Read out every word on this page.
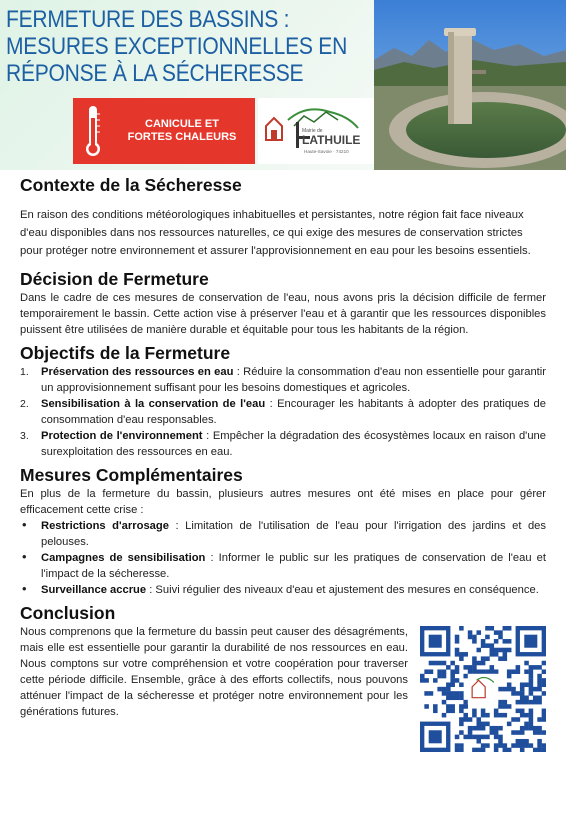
FERMETURE DES BASSINS :
MESURES EXCEPTIONNELLES EN
RÉPONSE À LA SÉCHERESSE
CANICULE ET
FORTES CHALEURS	Mairie de
LATHUILE
Haute-Savoie · 74210
Contexte de la Sécheresse

En raison des conditions météorologiques inhabituelles et persistantes, notre région fait face niveaux d'eau disponibles dans nos ressources naturelles, ce qui exige des mesures de conservation strictes pour protéger notre environnement et assurer l'approvisionnement en eau pour les besoins essentiels.

Décision de Fermeture

Dans le cadre de ces mesures de conservation de l'eau, nous avons pris la décision difficile de fermer temporairement le bassin. Cette action vise à préserver l'eau et à garantir que les ressources disponibles puissent être utilisées de manière durable et équitable pour tous les habitants de la région.

Objectifs de la Fermeture
1.	Préservation des ressources en eau : Réduire la consommation d'eau non essentielle pour garantir un approvisionnement suffisant pour les besoins domestiques et agricoles.
2.	Sensibilisation à la conservation de l'eau : Encourager les habitants à adopter des pratiques de consommation d'eau responsables.
3.	Protection de l'environnement : Empêcher la dégradation des écosystèmes locaux en raison d'une surexploitation des ressources en eau.
Mesures Complémentaires

En plus de la fermeture du bassin, plusieurs autres mesures ont été mises en place pour gérer efficacement cette crise :

•	Restrictions d'arrosage : Limitation de l'utilisation de l'eau pour l'irrigation des jardins et des pelouses.
•	Campagnes de sensibilisation : Informer le public sur les pratiques de conservation de l'eau et l'impact de la sécheresse.
•	Surveillance accrue : Suivi régulier des niveaux d'eau et ajustement des mesures en conséquence.
Conclusion

Nous comprenons que la fermeture du bassin peut causer des désagréments, mais elle est essentielle pour garantir la durabilité de nos ressources en eau. Nous comptons sur votre compréhension et votre coopération pour traverser cette période difficile. Ensemble, grâce à des efforts collectifs, nous pouvons atténuer l'impact de la sécheresse et protéger notre environnement pour les générations futures.
